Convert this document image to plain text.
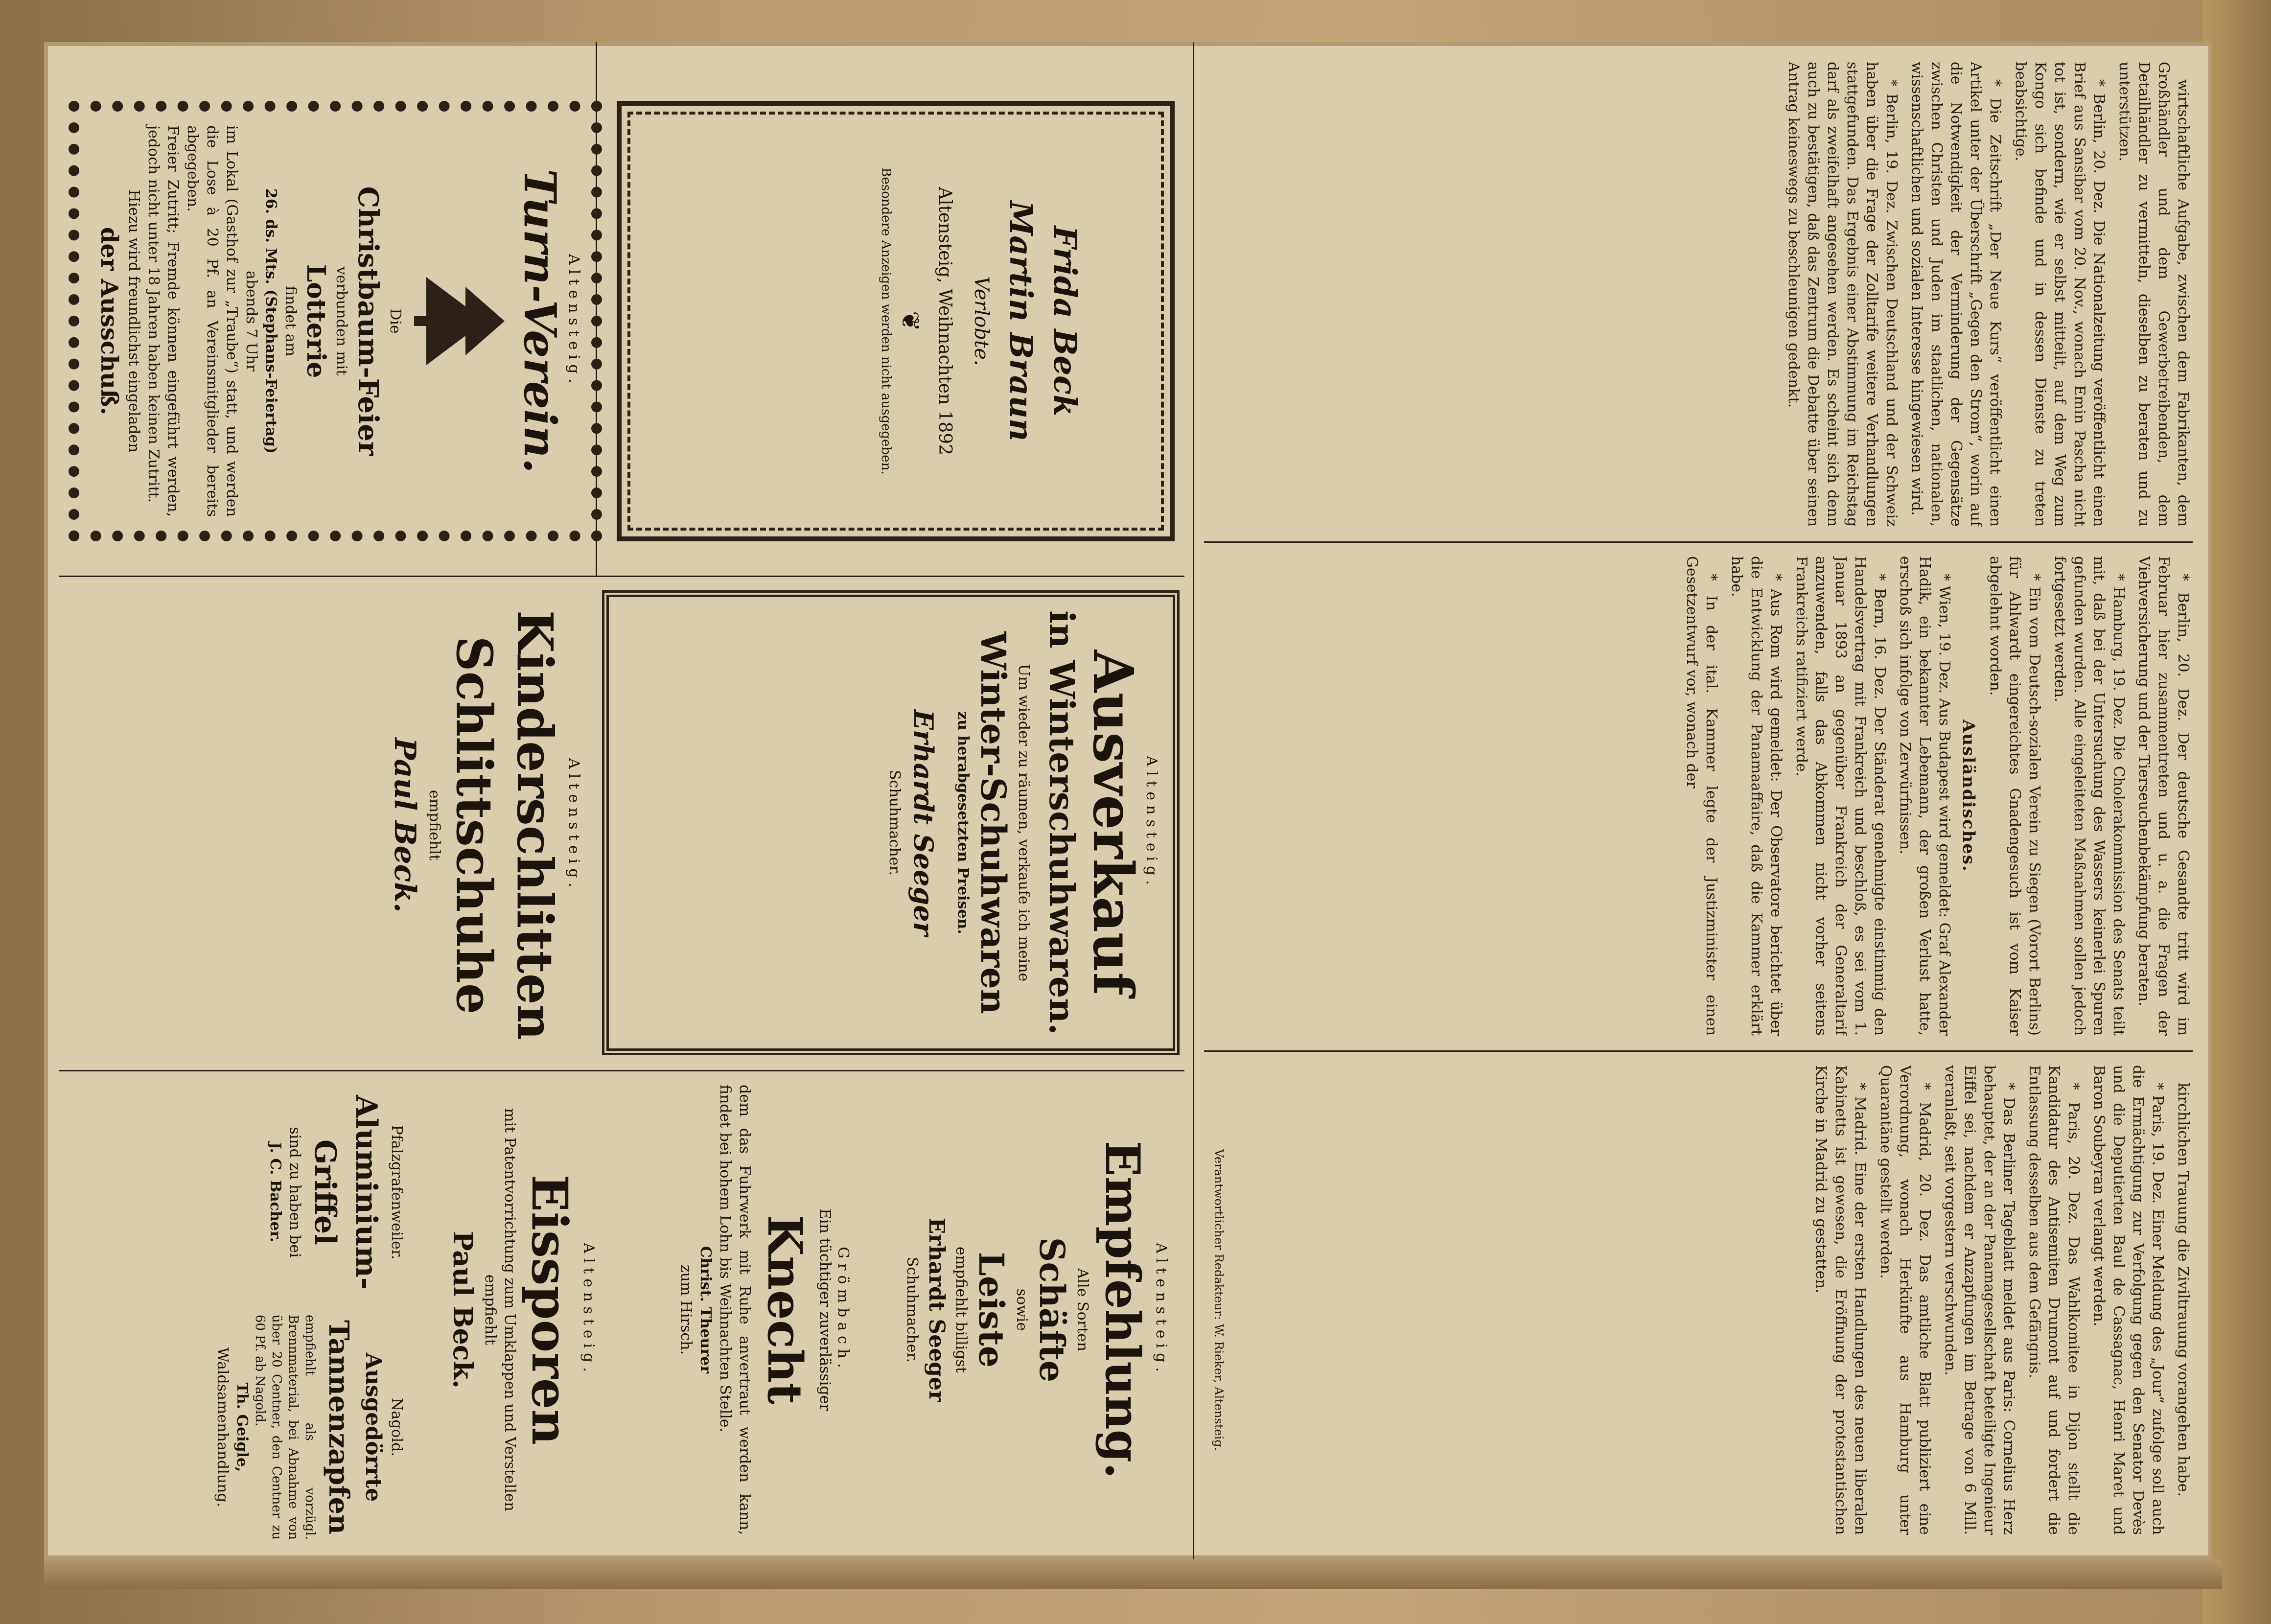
wirtschaftliche Aufgabe, zwischen dem Fabrikanten, dem Großhändler und dem Gewerbetreibenden, dem Detailhändler zu vermitteln, dieselben zu beraten und zu unterstützen.

* Berlin, 20. Dez. Die Nationalzeitung veröffentlicht einen Brief aus Sansibar vom 20. Nov., wonach Emin Pascha nicht tot ist, sondern, wie er selbst mitteilt, auf dem Weg zum Kongo sich befinde und in dessen Dienste zu treten beabsichtige.

* Die Zeitschrift „Der Neue Kurs“ veröffentlicht einen Artikel unter der Überschrift „Gegen den Strom“, worin auf die Notwendigkeit der Verminderung der Gegensätze zwischen Christen und Juden im staatlichen, nationalen, wissenschaftlichen und sozialen Interesse hingewiesen wird.

* Berlin, 19. Dez. Zwischen Deutschland und der Schweiz haben über die Frage der Zolltarife weitere Verhandlungen stattgefunden. Das Ergebnis einer Abstimmung im Reichstag darf als zweifelhaft angesehen werden. Es scheint sich denn auch zu bestätigen, daß das Zentrum die Debatte über seinen Antrag keineswegs zu beschleunigen gedenkt.

* Berlin, 20. Dez. Der deutsche Gesandte tritt wird im Februar hier zusammentreten und u. a. die Fragen der Viehversicherung und der Tierseuchenbekämpfung beraten.

* Hamburg, 19. Dez. Die Cholerakommission des Senats teilt mit, daß bei der Untersuchung des Wassers keinerlei Spuren gefunden wurden. Alle eingeleiteten Maßnahmen sollen jedoch fortgesetzt werden.

* Ein vom Deutsch-sozialen Verein zu Siegen (Vorort Berlins) für Ahlwardt eingereichtes Gnadengesuch ist vom Kaiser abgelehnt worden.

Ausländisches.

* Wien, 19. Dez. Aus Budapest wird gemeldet: Graf Alexander Hadik, ein bekannter Lebemann, der großen Verlust hatte, erschoß sich infolge von Zerwürfnissen.

* Bern, 16. Dez. Der Ständerat genehmigte einstimmig den Handelsvertrag mit Frankreich und beschloß, es sei vom 1. Januar 1893 an gegenüber Frankreich der Generaltarif anzuwenden, falls das Abkommen nicht vorher seitens Frankreichs ratifiziert werde.

* Aus Rom wird gemeldet: Der Observatore berichtet über die Entwicklung der Panamaaffaire, daß die Kammer erklärt habe.

* In der ital. Kammer legte der Justizminister einen Gesetzentwurf vor, wonach der

kirchlichen Trauung die Ziviltrauung vorangehen habe.

* Paris, 19. Dez. Einer Meldung des „Jour“ zufolge soll auch die Ermächtigung zur Verfolgung gegen den Senator Devès und die Deputierten Baul de Cassagnac, Henri Maret und Baron Soubeyran verlangt werden.

* Paris, 20. Dez. Das Wahlkomitee in Dijon stellt die Kandidatur des Antisemiten Drumont auf und fordert die Entlassung desselben aus dem Gefängnis.

* Das Berliner Tageblatt meldet aus Paris: Cornelius Herz behauptet, der an der Panamagesellschaft beteiligte Ingenieur Eiffel sei, nachdem er Anzapfungen im Betrage von 6 Mill. veranlaßt, seit vorgestern verschwunden.

* Madrid, 20. Dez. Das amtliche Blatt publiziert eine Verordnung, wonach Herkünfte aus Hamburg unter Quarantäne gestellt werden.

* Madrid. Eine der ersten Handlungen des neuen liberalen Kabinetts ist gewesen, die Eröffnung der protestantischen Kirche in Madrid zu gestatten.

Verantwortlicher Redakteur: W. Rieker, Altensteig.
Frida Beck
Martin Braun
Verlobte.
Altensteig, Weihnachten 1892
❦
Besondere Anzeigen werden nicht ausgegeben.
Altensteig.
Turn-Verein.
Die
Christbaum-Feier
verbunden mit
Lotterie
findet am
26. ds. Mts. (Stephans-Feiertag)
abends 7 Uhr
im Lokal (Gasthof zur „Traube“) statt, und werden die Lose à 20 Pf. an Vereinsmitglieder bereits abgegeben.
Freier Zutritt; Fremde können eingeführt werden, jedoch nicht unter 18 Jahren haben keinen Zutritt.
Hiezu wird freundlichst eingeladen
der Ausschuß.
Altensteig.
Ausverkauf
in Winterschuhwaren.
Um wieder zu räumen, verkaufe ich meine
Winter-Schuhwaren
zu herabgesetzten Preisen.
Erhardt Seeger
Schuhmacher.
Altensteig.
Kinderschlitten
Schlittschuhe
empfiehlt
Paul Beck.
Altensteig.
Empfehlung.
Alle Sorten
Schäfte
sowie
Leiste
empfiehlt billigst
Erhardt Seeger
Schuhmacher.
Grömbach.
Ein tüchtiger zuverlässiger
Knecht
dem das Fuhrwerk mit Ruhe anvertraut werden kann, findet bei hohem Lohn bis Weihnachten Stelle.
Christ. Theurer
zum Hirsch.
Altensteig.
Eissporen
mit Patentvorrichtung zum Umklappen und Verstellen empfiehlt
Paul Beck.
Pfalzgrafenweiler.
Aluminium-
Griffel
sind zu haben bei
J. C. Bacher.
Nagold.
Ausgedörrte
Tannenzapfen
empfiehlt als vorzügl. Brennmaterial, bei Abnahme von über 20 Centner, den Centner zu 60 Pf. ab Nagold.
Th. Geigle,
Waldsamenhandlung.
